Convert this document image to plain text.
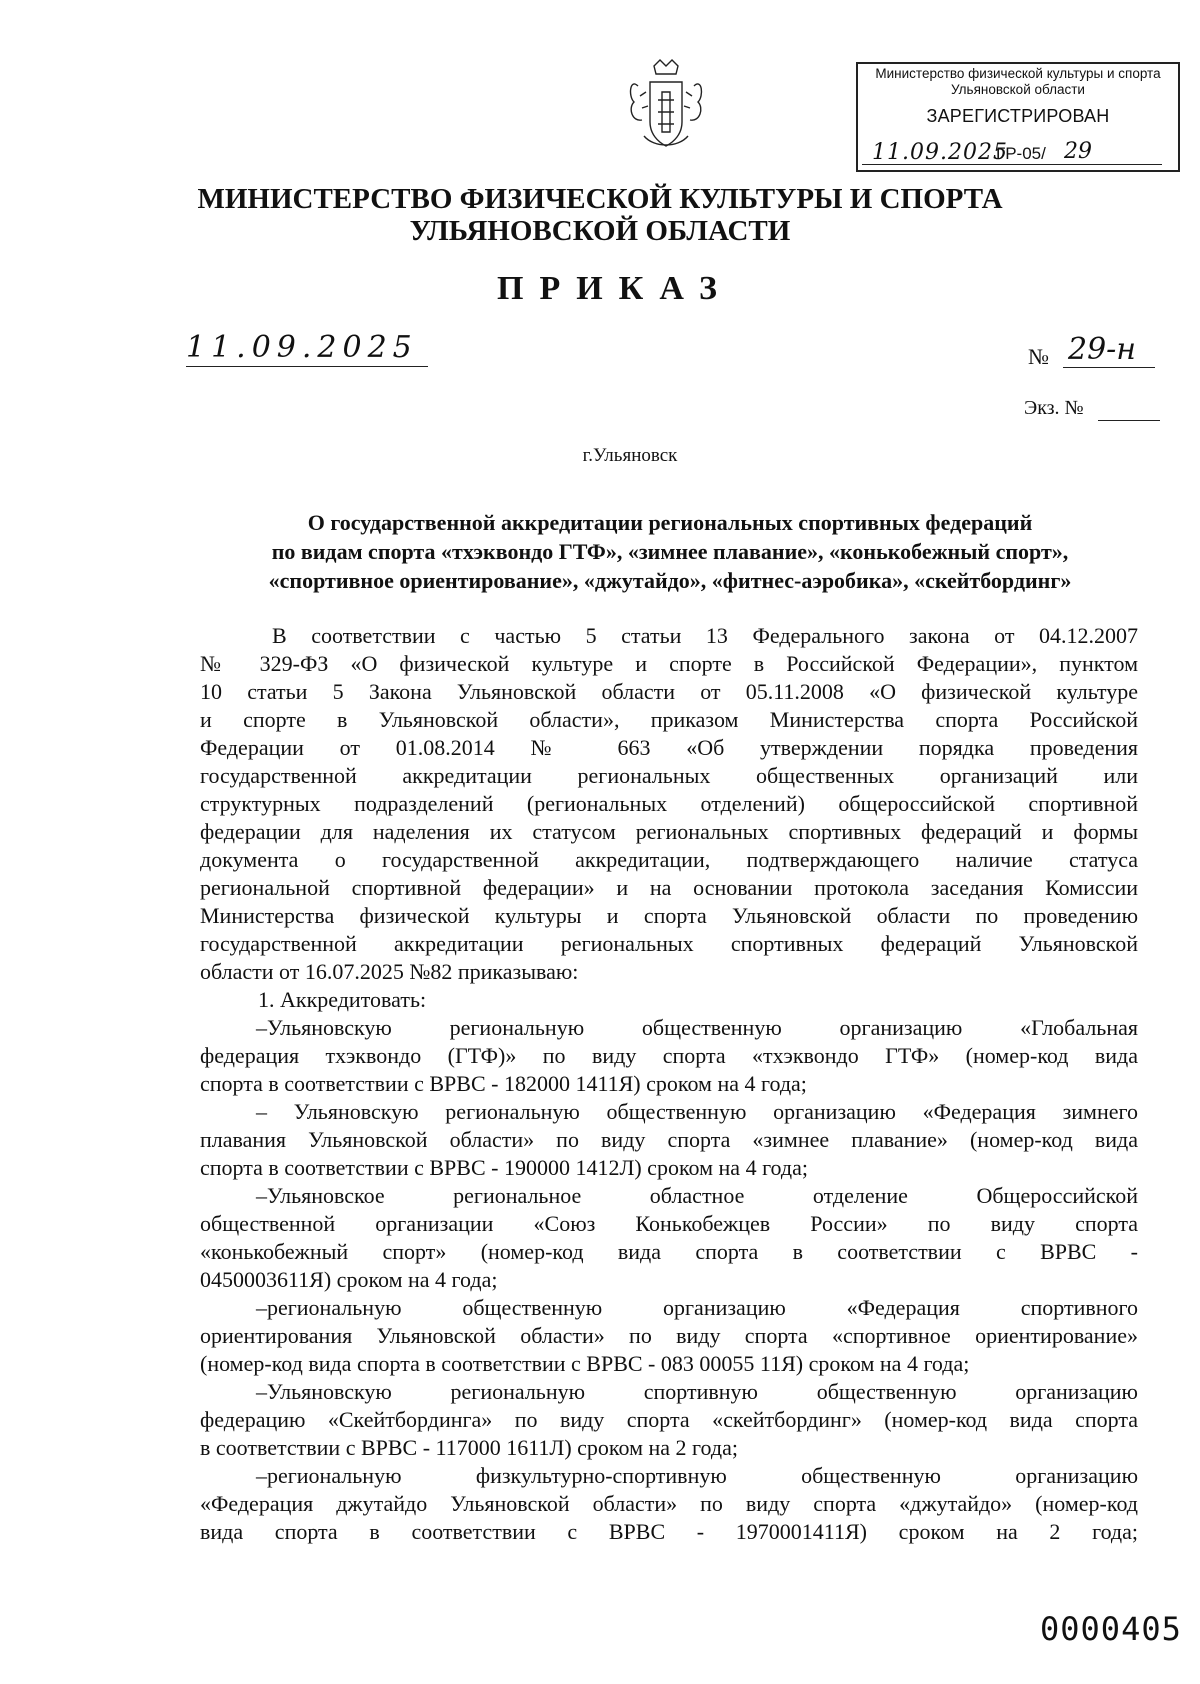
Министерство физической культуры и спорта
Ульяновской области
ЗАРЕГИСТРИРОВАН
11.09.2025
ГР-05/ 29
МИНИСТЕРСТВО ФИЗИЧЕСКОЙ КУЛЬТУРЫ И СПОРТА
УЛЬЯНОВСКОЙ ОБЛАСТИ
ПРИКАЗ
11.09.2025	№ 29-н
Экз. №
г.Ульяновск
О государственной аккредитации региональных спортивных федераций
по видам спорта «тхэквондо ГТФ», «зимнее плавание», «конькобежный спорт»,
«спортивное ориентирование», «джутайдо», «фитнес-аэробика», «скейтбординг»
В соответствии с частью 5 статьи 13 Федерального закона от 04.12.2007
№ 329-ФЗ «О физической культуре и спорте в Российской Федерации», пунктом
10 статьи 5 Закона Ульяновской области от 05.11.2008 «О физической культуре
и спорте в Ульяновской области», приказом Министерства спорта Российской
Федерации от 01.08.2014 № 663 «Об утверждении порядка проведения
государственной аккредитации региональных общественных организаций или
структурных подразделений (региональных отделений) общероссийской спортивной
федерации для наделения их статусом региональных спортивных федераций и формы
документа о государственной аккредитации, подтверждающего наличие статуса
региональной спортивной федерации» и на основании протокола заседания Комиссии
Министерства физической культуры и спорта Ульяновской области по проведению
государственной аккредитации региональных спортивных федераций Ульяновской
области от 16.07.2025 №82 приказываю:
1. Аккредитовать:
–Ульяновскую региональную общественную организацию «Глобальная
федерация тхэквондо (ГТФ)» по виду спорта «тхэквондо ГТФ» (номер-код вида
спорта в соответствии с ВРВС - 182000 1411Я) сроком на 4 года;
– Ульяновскую региональную общественную организацию «Федерация зимнего
плавания Ульяновской области» по виду спорта «зимнее плавание» (номер-код вида
спорта в соответствии с ВРВС - 190000 1412Л) сроком на 4 года;
–Ульяновское региональное областное отделение Общероссийской
общественной организации «Союз Конькобежцев России» по виду спорта
«конькобежный спорт» (номер-код вида спорта в соответствии с ВРВС -
0450003611Я) сроком на 4 года;
–региональную общественную организацию «Федерация спортивного
ориентирования Ульяновской области» по виду спорта «спортивное ориентирование»
(номер-код вида спорта в соответствии с ВРВС - 083 00055 11Я) сроком на 4 года;
–Ульяновскую региональную спортивную общественную организацию
федерацию «Скейтбординга» по виду спорта «скейтбординг» (номер-код вида спорта
в соответствии с ВРВС - 117000 1611Л) сроком на 2 года;
–региональную физкультурно-спортивную общественную организацию
«Федерация джутайдо Ульяновской области» по виду спорта «джутайдо» (номер-код
вида спорта в соответствии с ВРВС - 1970001411Я) сроком на 2 года;
0000405
